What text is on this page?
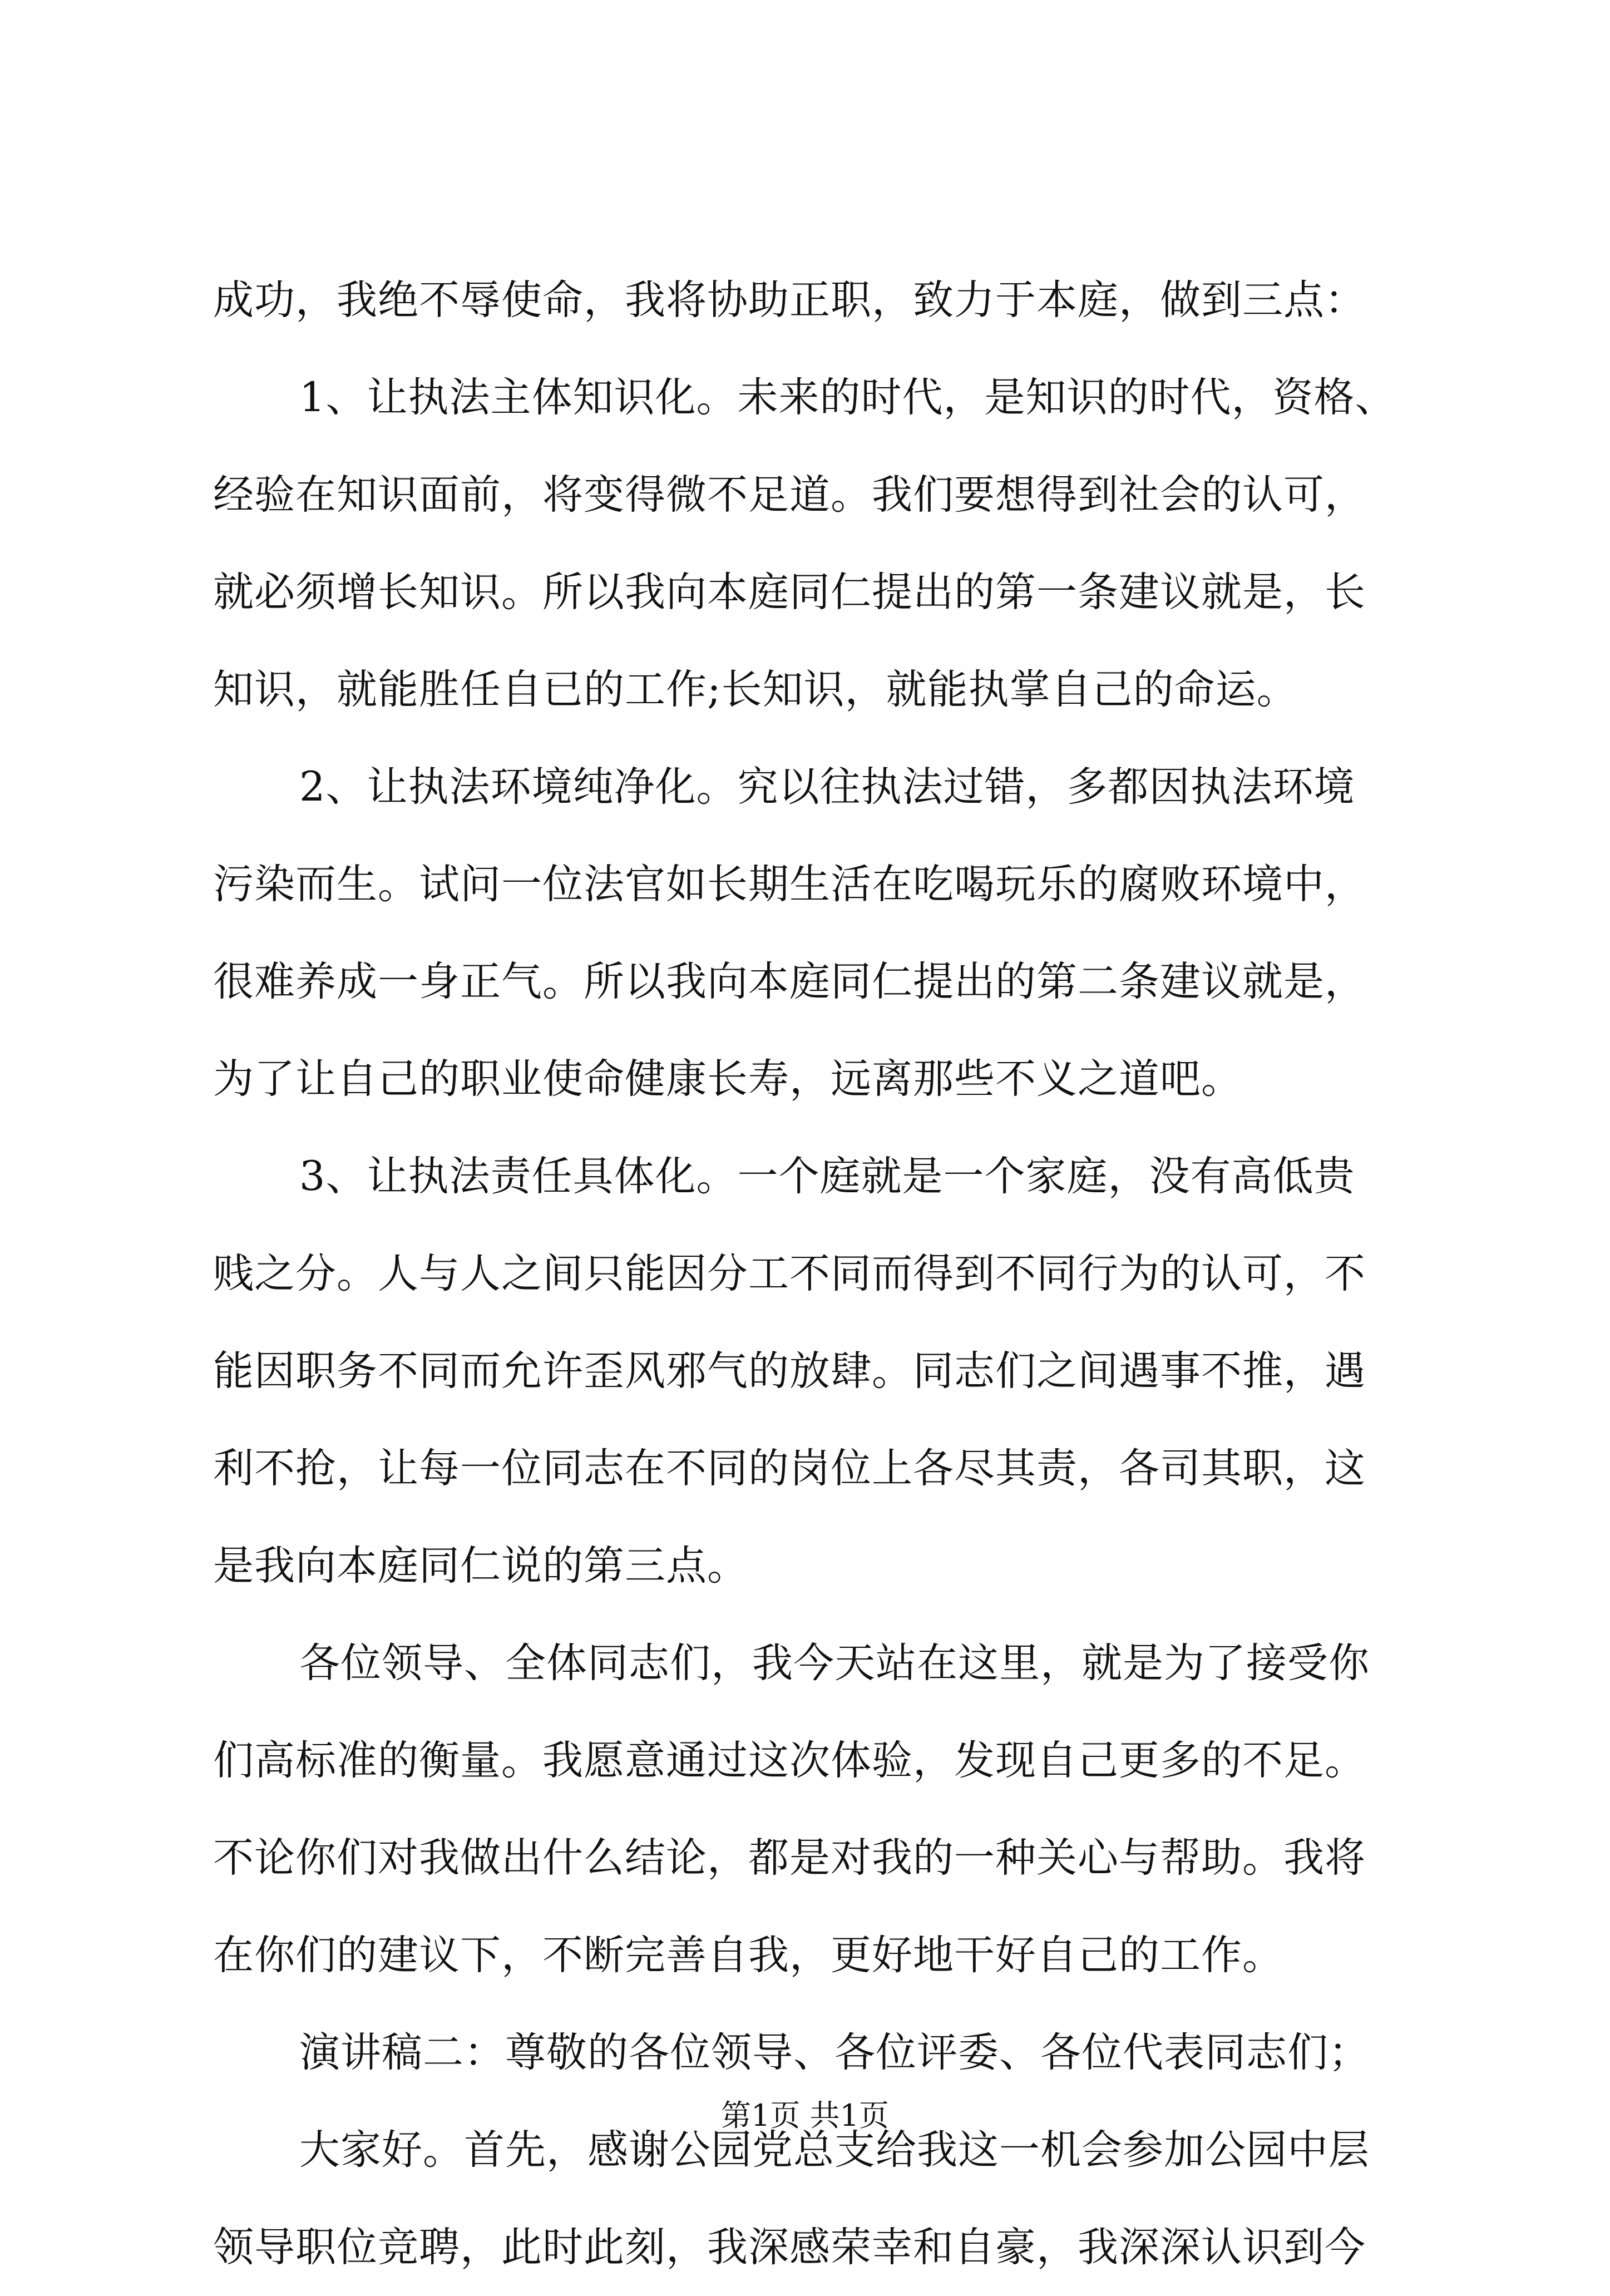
成功，我绝不辱使命，我将协助正职，致力于本庭，做到三点：
1、让执法主体知识化。未来的时代，是知识的时代，资格、
经验在知识面前，将变得微不足道。我们要想得到社会的认可，
就必须增长知识。所以我向本庭同仁提出的第一条建议就是，长
知识，就能胜任自已的工作;长知识，就能执掌自己的命运。
2、让执法环境纯净化。究以往执法过错，多都因执法环境
污染而生。试问一位法官如长期生活在吃喝玩乐的腐败环境中，
很难养成一身正气。所以我向本庭同仁提出的第二条建议就是，
为了让自己的职业使命健康长寿，远离那些不义之道吧。
3、让执法责任具体化。一个庭就是一个家庭，没有高低贵
贱之分。人与人之间只能因分工不同而得到不同行为的认可，不
能因职务不同而允许歪风邪气的放肆。同志们之间遇事不推，遇
利不抢，让每一位同志在不同的岗位上各尽其责，各司其职，这
是我向本庭同仁说的第三点。
各位领导、全体同志们，我今天站在这里，就是为了接受你
们高标准的衡量。我愿意通过这次体验，发现自己更多的不足。
不论你们对我做出什么结论，都是对我的一种关心与帮助。我将
在你们的建议下，不断完善自我，更好地干好自己的工作。
演讲稿二：尊敬的各位领导、各位评委、各位代表同志们；
大家好。首先，感谢公园党总支给我这一机会参加公园中层
领导职位竞聘，此时此刻，我深感荣幸和自豪，我深深认识到今
第1页 共1页
